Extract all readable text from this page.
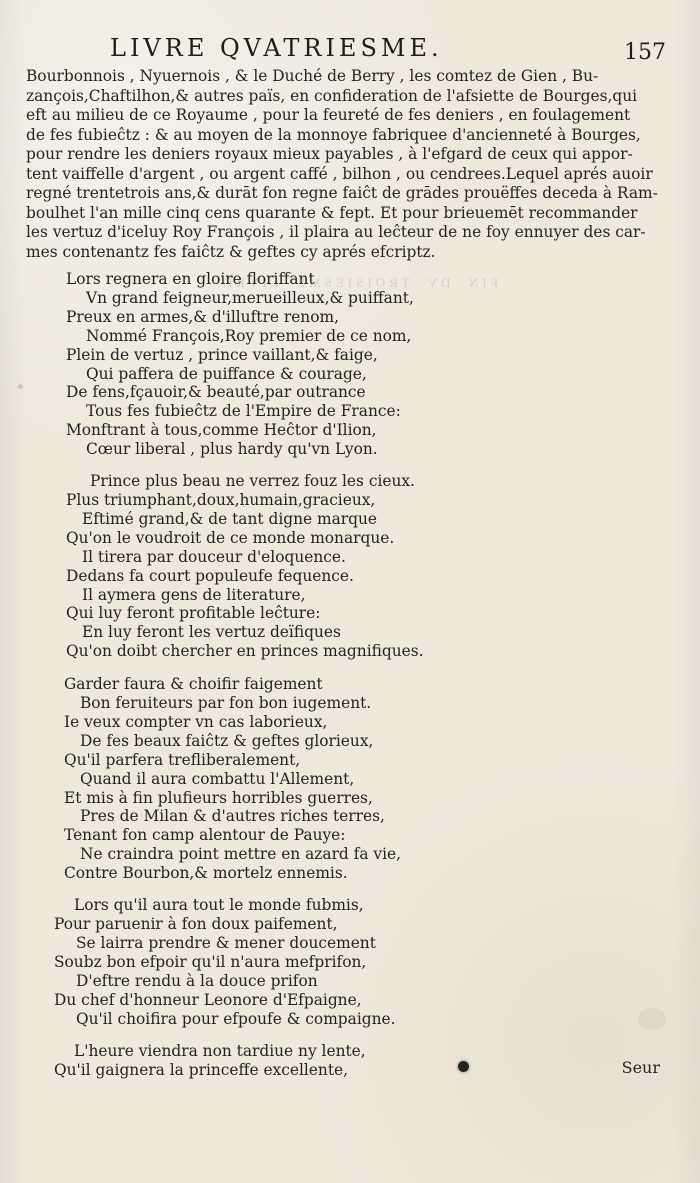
FIN  DV  TROISIESME  LIVRE
LIVRE QVATRIESME.	157
Bourbonnois , Nyuernois , & le Duché de Berry , les comtez de Gien , Bu-
zançois,Chaftilhon,& autres païs, en confideration de l'afsiette de Bourges,qui
eft au milieu de ce Royaume , pour la feureté de fes deniers , en foulagement
de fes fubieĉtz : & au moyen de la monnoye fabriquee d'ancienneté à Bourges,
pour rendre les deniers royaux mieux payables , à l'efgard de ceux qui appor-
tent vaiffelle d'argent , ou argent caffé , bilhon , ou cendrees.Lequel aprés auoir
regné trentetrois ans,& durāt fon regne faiĉt de grādes prouëffes deceda à Ram-
boulhet l'an mille cinq cens quarante & fept. Et pour brieuemēt recommander
les vertuz d'iceluy Roy François , il plaira au leĉteur de ne foy ennuyer des car-
mes contenantz fes faiĉtz & geftes cy aprés efcriptz.
Lors regnera en gloire floriffant
Vn grand feigneur,merueilleux,& puiffant,
Preux en armes,& d'illuftre renom,
Nommé François,Roy premier de ce nom,
Plein de vertuz , prince vaillant,& faige,
Qui paffera de puiffance & courage,
De fens,fçauoir,& beauté,par outrance
Tous fes fubieĉtz de l'Empire de France:
Monftrant à tous,comme Heĉtor d'Ilion,
Cœur liberal , plus hardy qu'vn Lyon.
Prince plus beau ne verrez fouz les cieux.
Plus triumphant,doux,humain,gracieux,
Eftimé grand,& de tant digne marque
Qu'on le voudroit de ce monde monarque.
Il tirera par douceur d'eloquence.
Dedans fa court populeufe fequence.
Il aymera gens de literature,
Qui luy feront profitable leĉture:
En luy feront les vertuz deïfiques
Qu'on doibt chercher en princes magnifiques.
Garder faura & choifir faigement
Bon feruiteurs par fon bon iugement.
Ie veux compter vn cas laborieux,
De fes beaux faiĉtz & geftes glorieux,
Qu'il parfera trefliberalement,
Quand il aura combattu l'Allement,
Et mis à fin plufieurs horribles guerres,
Pres de Milan & d'autres riches terres,
Tenant fon camp alentour de Pauye:
Ne craindra point mettre en azard fa vie,
Contre Bourbon,& mortelz ennemis.
Lors qu'il aura tout le monde fubmis,
Pour paruenir à fon doux paifement,
Se lairra prendre & mener doucement
Soubz bon efpoir qu'il n'aura mefprifon,
D'eftre rendu à la douce prifon
Du chef d'honneur Leonore d'Efpaigne,
Qu'il choifira pour efpoufe & compaigne.
L'heure viendra non tardiue ny lente,
Qu'il gaignera la princeffe excellente,	Seur
